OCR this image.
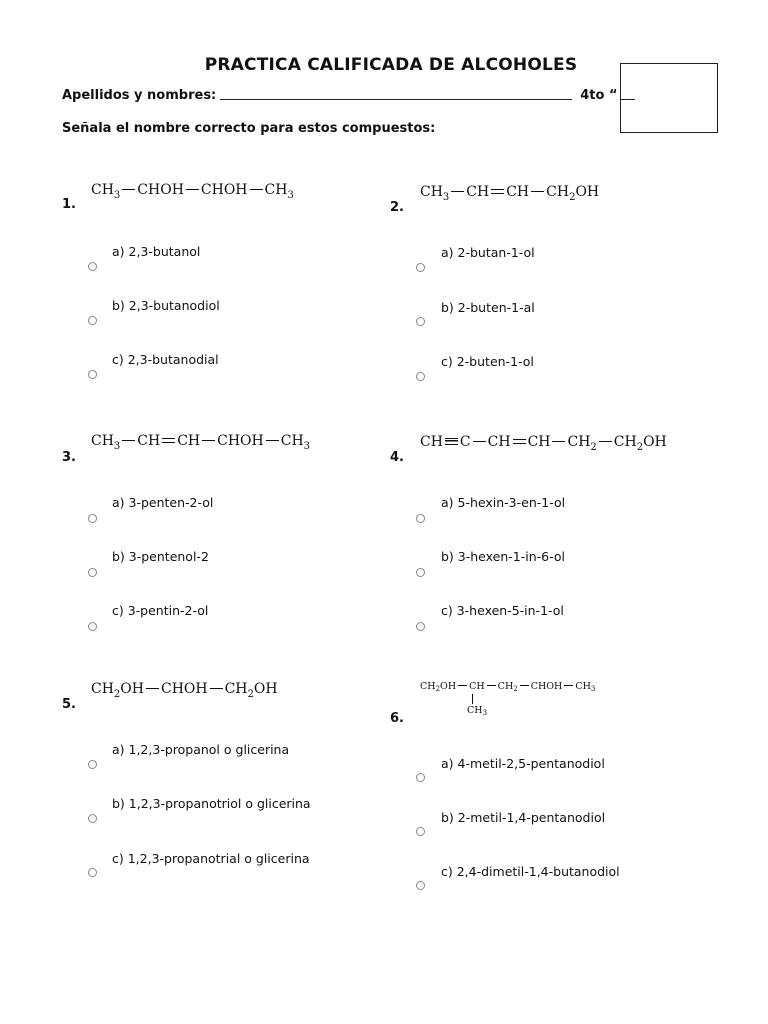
PRACTICA CALIFICADA DE ALCOHOLES
Apellidos y nombres:	4to “
Señala el nombre correcto para estos compuestos:
1.
$CH_3$ CHOH CHOH $CH_3$
a) 2,3-butanol
b) 2,3-butanodiol
c) 2,3-butanodial
2.
$CH_3$ CH CH $CH_2OH$
a) 2-butan-1-ol
b) 2-buten-1-al
c) 2-buten-1-ol
3.
$CH_3$ CH CH CHOH $CH_3$
a) 3-penten-2-ol
b) 3-pentenol-2
c) 3-pentin-2-ol
4.
CH C CH CH $CH_2$ $CH_2OH$
a) 5-hexin-3-en-1-ol
b) 3-hexen-1-in-6-ol
c) 3-hexen-5-in-1-ol
5.
$CH_2OH$ CHOH $CH_2OH$
a) 1,2,3-propanol o glicerina
b) 1,2,3-propanotriol o glicerina
c) 1,2,3-propanotrial o glicerina
6.
$CH_2OH$ CH $CH_2$ CHOH $CH_3$
$CH_3$
a) 4-metil-2,5-pentanodiol
b) 2-metil-1,4-pentanodiol
c) 2,4-dimetil-1,4-butanodiol
